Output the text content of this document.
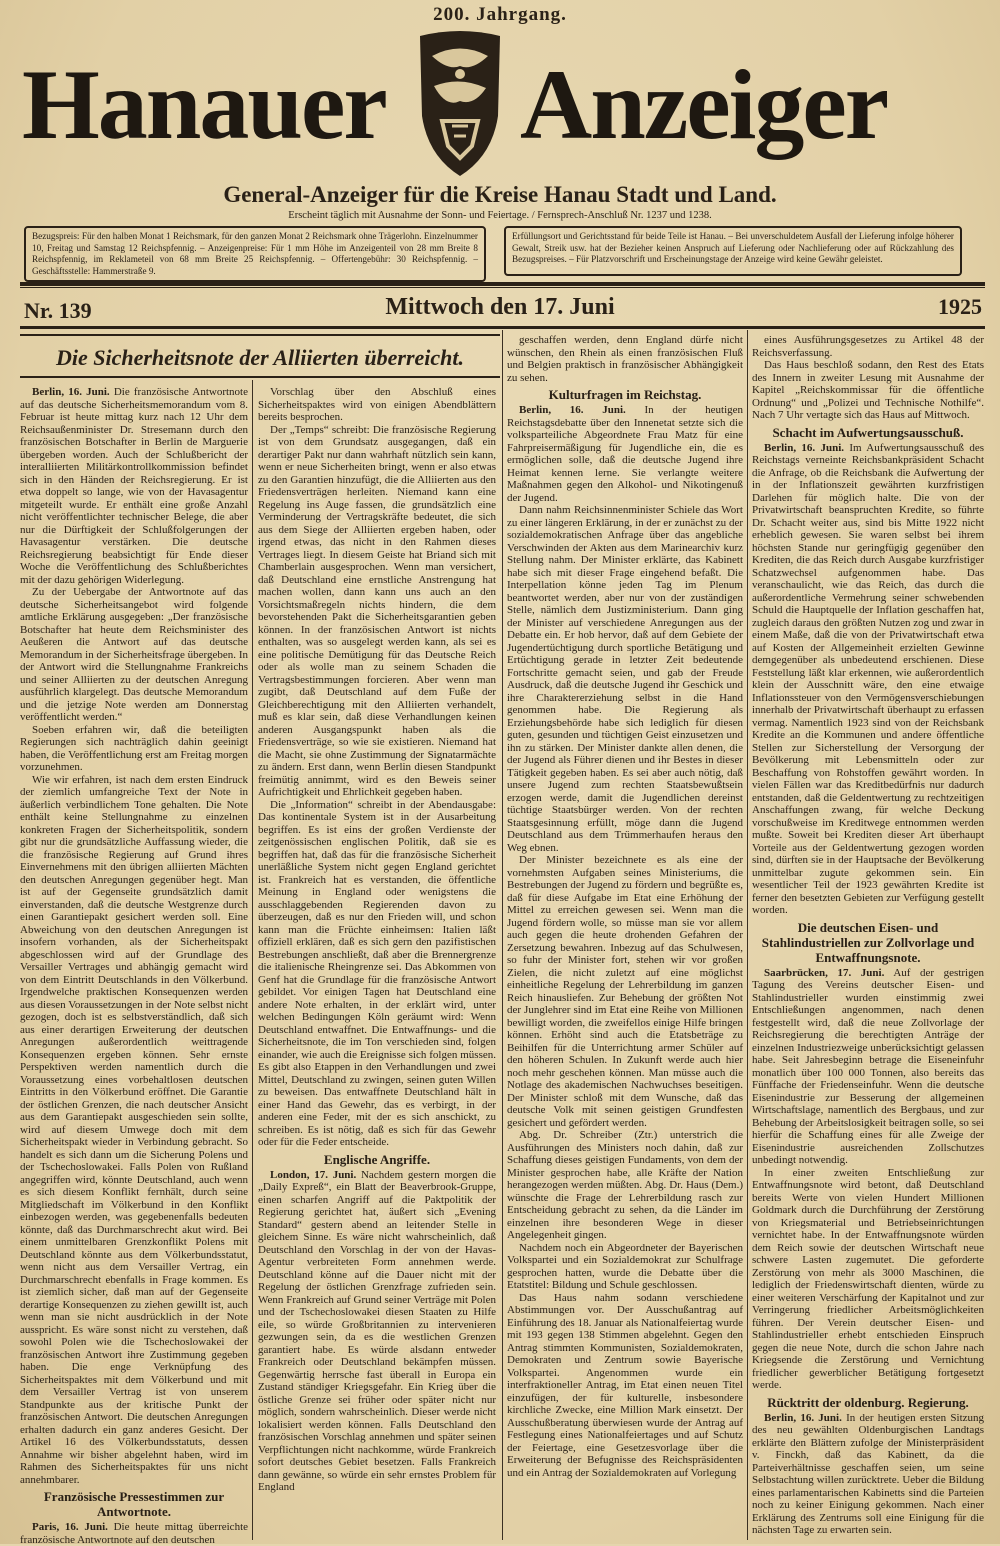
200. Jahrgang.
Hanauer Anzeiger
General-Anzeiger für die Kreise Hanau Stadt und Land.
Erscheint täglich mit Ausnahme der Sonn- und Feiertage. / Fernsprech-Anschluß Nr. 1237 und 1238.
Bezugspreis: Für den halben Monat 1 Reichsmark, für den ganzen Monat 2 Reichsmark ohne Trägerlohn. Einzelnummer 10, Freitag und Samstag 12 Reichspfennig. – Anzeigenpreise: Für 1 mm Höhe im Anzeigenteil von 28 mm Breite 8 Reichspfennig, im Reklameteil von 68 mm Breite 25 Reichspfennig. – Offertengebühr: 30 Reichspfennig. – Geschäftsstelle: Hammerstraße 9.
Erfüllungsort und Gerichtsstand für beide Teile ist Hanau. – Bei unverschuldetem Ausfall der Lieferung infolge höherer Gewalt, Streik usw. hat der Bezieher keinen Anspruch auf Lieferung oder Nachlieferung oder auf Rückzahlung des Bezugspreises. – Für Platzvorschrift und Erscheinungstage der Anzeige wird keine Gewähr geleistet.
Nr. 139	Mittwoch den 17. Juni	1925
Die Sicherheitsnote der Alliierten überreicht.

Berlin, 16. Juni. Die französische Antwortnote auf das deutsche Sicherheitsmemorandum vom 8. Februar ist heute mittag kurz nach 12 Uhr dem Reichsaußenminister Dr. Stresemann durch den französischen Botschafter in Berlin de Marguerie übergeben worden. Auch der Schlußbericht der interalliierten Militärkontrollkommission befindet sich in den Händen der Reichsregierung. Er ist etwa doppelt so lange, wie von der Havasagentur mitgeteilt wurde. Er enthält eine große Anzahl nicht veröffentlichter technischer Belege, die aber nur die Dürftigkeit der Schlußfolgerungen der Havasagentur verstärken. Die deutsche Reichsregierung beabsichtigt für Ende dieser Woche die Veröffentlichung des Schlußberichtes mit der dazu gehörigen Widerlegung.

Zu der Uebergabe der Antwortnote auf das deutsche Sicherheitsangebot wird folgende amtliche Erklärung ausgegeben: „Der französische Botschafter hat heute dem Reichsminister des Aeußeren die Antwort auf das deutsche Memorandum in der Sicherheitsfrage übergeben. In der Antwort wird die Stellungnahme Frankreichs und seiner Alliierten zu der deutschen Anregung ausführlich klargelegt. Das deutsche Memorandum und die jetzige Note werden am Donnerstag veröffentlicht werden.“

Soeben erfahren wir, daß die beteiligten Regierungen sich nachträglich dahin geeinigt haben, die Veröffentlichung erst am Freitag morgen vorzunehmen.

Wie wir erfahren, ist nach dem ersten Eindruck der ziemlich umfangreiche Text der Note in äußerlich verbindlichem Tone gehalten. Die Note enthält keine Stellungnahme zu einzelnen konkreten Fragen der Sicherheitspolitik, sondern gibt nur die grundsätzliche Auffassung wieder, die die französische Regierung auf Grund ihres Einvernehmens mit den übrigen alliierten Mächten den deutschen Anregungen gegenüber hegt. Man ist auf der Gegenseite grundsätzlich damit einverstanden, daß die deutsche Westgrenze durch einen Garantiepakt gesichert werden soll. Eine Abweichung von den deutschen Anregungen ist insofern vorhanden, als der Sicherheitspakt abgeschlossen wird auf der Grundlage des Versailler Vertrages und abhängig gemacht wird von dem Eintritt Deutschlands in den Völkerbund. Irgendwelche praktischen Konsequenzen werden aus diesen Voraussetzungen in der Note selbst nicht gezogen, doch ist es selbstverständlich, daß sich aus einer derartigen Erweiterung der deutschen Anregungen außerordentlich weittragende Konsequenzen ergeben können. Sehr ernste Perspektiven werden namentlich durch die Voraussetzung eines vorbehaltlosen deutschen Eintritts in den Völkerbund eröffnet. Die Garantie der östlichen Grenzen, die nach deutscher Ansicht aus dem Garantiepakt ausgeschieden sein sollte, wird auf diesem Umwege doch mit dem Sicherheitspakt wieder in Verbindung gebracht. So handelt es sich dann um die Sicherung Polens und der Tschechoslowakei. Falls Polen von Rußland angegriffen wird, könnte Deutschland, auch wenn es sich diesem Konflikt fernhält, durch seine Mitgliedschaft im Völkerbund in den Konflikt einbezogen werden, was gegebenenfalls bedeuten könnte, daß das Durchmarschrecht akut wird. Bei einem unmittelbaren Grenzkonflikt Polens mit Deutschland könnte aus dem Völkerbundsstatut, wenn nicht aus dem Versailler Vertrag, ein Durchmarschrecht ebenfalls in Frage kommen. Es ist ziemlich sicher, daß man auf der Gegenseite derartige Konsequenzen zu ziehen gewillt ist, auch wenn man sie nicht ausdrücklich in der Note ausspricht. Es wäre sonst nicht zu verstehen, daß sowohl Polen wie die Tschechoslowakei der französischen Antwort ihre Zustimmung gegeben haben. Die enge Verknüpfung des Sicherheitspaktes mit dem Völkerbund und mit dem Versailler Vertrag ist von unserem Standpunkte aus der kritische Punkt der französischen Antwort. Die deutschen Anregungen erhalten dadurch ein ganz anderes Gesicht. Der Artikel 16 des Völkerbundsstatuts, dessen Annahme wir bisher abgelehnt haben, wird im Rahmen des Sicherheitspaktes für uns nicht annehmbarer.

Französische Pressestimmen zur Antwortnote.

Paris, 16. Juni. Die heute mittag überreichte französische Antwortnote auf den deutschen

Vorschlag über den Abschluß eines Sicherheitspaktes wird von einigen Abendblättern bereits besprochen.

Der „Temps“ schreibt: Die französische Regierung ist von dem Grundsatz ausgegangen, daß ein derartiger Pakt nur dann wahrhaft nützlich sein kann, wenn er neue Sicherheiten bringt, wenn er also etwas zu den Garantien hinzufügt, die die Alliierten aus den Friedensverträgen herleiten. Niemand kann eine Regelung ins Auge fassen, die grundsätzlich eine Verminderung der Vertragskräfte bedeutet, die sich aus dem Siege der Alliierten ergeben haben, oder irgend etwas, das nicht in den Rahmen dieses Vertrages liegt. In diesem Geiste hat Briand sich mit Chamberlain ausgesprochen. Wenn man versichert, daß Deutschland eine ernstliche Anstrengung hat machen wollen, dann kann uns auch an den Vorsichtsmaßregeln nichts hindern, die dem bevorstehenden Pakt die Sicherheitsgarantien geben können. In der französischen Antwort ist nichts enthalten, was so ausgelegt werden kann, als sei es eine politische Demütigung für das Deutsche Reich oder als wolle man zu seinem Schaden die Vertragsbestimmungen forcieren. Aber wenn man zugibt, daß Deutschland auf dem Fuße der Gleichberechtigung mit den Alliierten verhandelt, muß es klar sein, daß diese Verhandlungen keinen anderen Ausgangspunkt haben als die Friedensverträge, so wie sie existieren. Niemand hat die Macht, sie ohne Zustimmung der Signatarmächte zu ändern. Erst dann, wenn Berlin diesen Standpunkt freimütig annimmt, wird es den Beweis seiner Aufrichtigkeit und Ehrlichkeit gegeben haben.

Die „Information“ schreibt in der Abendausgabe: Das kontinentale System ist in der Ausarbeitung begriffen. Es ist eins der großen Verdienste der zeitgenössischen englischen Politik, daß sie es begriffen hat, daß das für die französische Sicherheit unerläßliche System nicht gegen England gerichtet ist. Frankreich hat es verstanden, die öffentliche Meinung in England oder wenigstens die ausschlaggebenden Regierenden davon zu überzeugen, daß es nur den Frieden will, und schon kann man die Früchte einheimsen: Italien läßt offiziell erklären, daß es sich gern den pazifistischen Bestrebungen anschließt, daß aber die Brennergrenze die italienische Rheingrenze sei. Das Abkommen von Genf hat die Grundlage für die französische Antwort gebildet. Vor einigen Tagen hat Deutschland eine andere Note erhalten, in der erklärt wird, unter welchen Bedingungen Köln geräumt wird: Wenn Deutschland entwaffnet. Die Entwaffnungs- und die Sicherheitsnote, die im Ton verschieden sind, folgen einander, wie auch die Ereignisse sich folgen müssen. Es gibt also Etappen in den Verhandlungen und zwei Mittel, Deutschland zu zwingen, seinen guten Willen zu beweisen. Das entwaffnete Deutschland hält in einer Hand das Gewehr, das es verbirgt, in der anderen eine Feder, mit der es sich anschickt, zu schreiben. Es ist nötig, daß es sich für das Gewehr oder für die Feder entscheide.

Englische Angriffe.

London, 17. Juni. Nachdem gestern morgen die „Daily Expreß“, ein Blatt der Beaverbrook-Gruppe, einen scharfen Angriff auf die Paktpolitik der Regierung gerichtet hat, äußert sich „Evening Standard“ gestern abend an leitender Stelle in gleichem Sinne. Es wäre nicht wahrscheinlich, daß Deutschland den Vorschlag in der von der Havas-Agentur verbreiteten Form annehmen werde. Deutschland könne auf die Dauer nicht mit der Regelung der östlichen Grenzfrage zufrieden sein. Wenn Frankreich auf Grund seiner Verträge mit Polen und der Tschechoslowakei diesen Staaten zu Hilfe eile, so würde Großbritannien zu intervenieren gezwungen sein, da es die westlichen Grenzen garantiert habe. Es würde alsdann entweder Frankreich oder Deutschland bekämpfen müssen. Gegenwärtig herrsche fast überall in Europa ein Zustand ständiger Kriegsgefahr. Ein Krieg über die östliche Grenze sei früher oder später nicht nur möglich, sondern wahrscheinlich. Dieser werde nicht lokalisiert werden können. Falls Deutschland den französischen Vorschlag annehmen und später seinen Verpflichtungen nicht nachkomme, würde Frankreich sofort deutsches Gebiet besetzen. Falls Frankreich dann gewänne, so würde ein sehr ernstes Problem für England

geschaffen werden, denn England dürfe nicht wünschen, den Rhein als einen französischen Fluß und Belgien praktisch in französischer Abhängigkeit zu sehen.

Kulturfragen im Reichstag.

Berlin, 16. Juni. In der heutigen Reichstagsdebatte über den Innenetat setzte sich die volksparteiliche Abgeordnete Frau Matz für eine Fahrpreisermäßigung für Jugendliche ein, die es ermöglichen solle, daß die deutsche Jugend ihre Heimat kennen lerne. Sie verlangte weitere Maßnahmen gegen den Alkohol- und Nikotingenuß der Jugend.

Dann nahm Reichsinnenminister Schiele das Wort zu einer längeren Erklärung, in der er zunächst zu der sozialdemokratischen Anfrage über das angebliche Verschwinden der Akten aus dem Marinearchiv kurz Stellung nahm. Der Minister erklärte, das Kabinett habe sich mit dieser Frage eingehend befaßt. Die Interpellation könne jeden Tag im Plenum beantwortet werden, aber nur von der zuständigen Stelle, nämlich dem Justizministerium. Dann ging der Minister auf verschiedene Anregungen aus der Debatte ein. Er hob hervor, daß auf dem Gebiete der Jugendertüchtigung durch sportliche Betätigung und Ertüchtigung gerade in letzter Zeit bedeutende Fortschritte gemacht seien, und gab der Freude Ausdruck, daß die deutsche Jugend ihr Geschick und ihre Charaktererziehung selbst in die Hand genommen habe. Die Regierung als Erziehungsbehörde habe sich lediglich für diesen guten, gesunden und tüchtigen Geist einzusetzen und ihn zu stärken. Der Minister dankte allen denen, die der Jugend als Führer dienen und ihr Bestes in dieser Tätigkeit gegeben haben. Es sei aber auch nötig, daß unsere Jugend zum rechten Staatsbewußtsein erzogen werde, damit die Jugendlichen dereinst tüchtige Staatsbürger werden. Von der rechten Staatsgesinnung erfüllt, möge dann die Jugend Deutschland aus dem Trümmerhaufen heraus den Weg ebnen.

Der Minister bezeichnete es als eine der vornehmsten Aufgaben seines Ministeriums, die Bestrebungen der Jugend zu fördern und begrüßte es, daß für diese Aufgabe im Etat eine Erhöhung der Mittel zu erreichen gewesen sei. Wenn man die Jugend fördern wolle, so müsse man sie vor allem auch gegen die heute drohenden Gefahren der Zersetzung bewahren. Inbezug auf das Schulwesen, so fuhr der Minister fort, stehen wir vor großen Zielen, die nicht zuletzt auf eine möglichst einheitliche Regelung der Lehrerbildung im ganzen Reich hinausliefen. Zur Behebung der größten Not der Junglehrer sind im Etat eine Reihe von Millionen bewilligt worden, die zweifellos einige Hilfe bringen können. Erhöht sind auch die Etatsbeträge zu Beihilfen für die Unterrichtung armer Schüler auf den höheren Schulen. In Zukunft werde auch hier noch mehr geschehen können. Man müsse auch die Notlage des akademischen Nachwuchses beseitigen. Der Minister schloß mit dem Wunsche, daß das deutsche Volk mit seinen geistigen Grundfesten gesichert und gefördert werden.

Abg. Dr. Schreiber (Ztr.) unterstrich die Ausführungen des Ministers noch dahin, daß zur Schaffung dieses geistigen Fundaments, von dem der Minister gesprochen habe, alle Kräfte der Nation herangezogen werden müßten. Abg. Dr. Haus (Dem.) wünschte die Frage der Lehrerbildung rasch zur Entscheidung gebracht zu sehen, da die Länder im einzelnen ihre besonderen Wege in dieser Angelegenheit gingen.

Nachdem noch ein Abgeordneter der Bayerischen Volkspartei und ein Sozialdemokrat zur Schulfrage gesprochen hatten, wurde die Debatte über die Etatstitel: Bildung und Schule geschlossen.

Das Haus nahm sodann verschiedene Abstimmungen vor. Der Ausschußantrag auf Einführung des 18. Januar als Nationalfeiertag wurde mit 193 gegen 138 Stimmen abgelehnt. Gegen den Antrag stimmten Kommunisten, Sozialdemokraten, Demokraten und Zentrum sowie Bayerische Volkspartei. Angenommen wurde ein interfraktioneller Antrag, im Etat einen neuen Titel einzufügen, der für kulturelle, insbesondere kirchliche Zwecke, eine Million Mark einsetzt. Der Ausschußberatung überwiesen wurde der Antrag auf Festlegung eines Nationalfeiertages und auf Schutz der Feiertage, eine Gesetzesvorlage über die Erweiterung der Befugnisse des Reichspräsidenten und ein Antrag der Sozialdemokraten auf Vorlegung

eines Ausführungsgesetzes zu Artikel 48 der Reichsverfassung.

Das Haus beschloß sodann, den Rest des Etats des Innern in zweiter Lesung mit Ausnahme der Kapitel „Reichskommissar für die öffentliche Ordnung“ und „Polizei und Technische Nothilfe“. Nach 7 Uhr vertagte sich das Haus auf Mittwoch.

Schacht im Aufwertungsausschuß.

Berlin, 16. Juni. Im Aufwertungsausschuß des Reichstags verneinte Reichsbankpräsident Schacht die Anfrage, ob die Reichsbank die Aufwertung der in der Inflationszeit gewährten kurzfristigen Darlehen für möglich halte. Die von der Privatwirtschaft beanspruchten Kredite, so führte Dr. Schacht weiter aus, sind bis Mitte 1922 nicht erheblich gewesen. Sie waren selbst bei ihrem höchsten Stande nur geringfügig gegenüber den Krediten, die das Reich durch Ausgabe kurzfristiger Schatzwechsel aufgenommen habe. Das veranschaulicht, wie das Reich, das durch die außerordentliche Vermehrung seiner schwebenden Schuld die Hauptquelle der Inflation geschaffen hat, zugleich daraus den größten Nutzen zog und zwar in einem Maße, daß die von der Privatwirtschaft etwa auf Kosten der Allgemeinheit erzielten Gewinne demgegenüber als unbedeutend erschienen. Diese Feststellung läßt klar erkennen, wie außerordentlich klein der Ausschnitt wäre, den eine etwaige Inflationssteuer von den Vermögensverschiebungen innerhalb der Privatwirtschaft überhaupt zu erfassen vermag. Namentlich 1923 sind von der Reichsbank Kredite an die Kommunen und andere öffentliche Stellen zur Sicherstellung der Versorgung der Bevölkerung mit Lebensmitteln oder zur Beschaffung von Rohstoffen gewährt worden. In vielen Fällen war das Kreditbedürfnis nur dadurch entstanden, daß die Geldentwertung zu rechtzeitigen Anschaffungen zwang, für welche Deckung vorschußweise im Kreditwege entnommen werden mußte. Soweit bei Krediten dieser Art überhaupt Vorteile aus der Geldentwertung gezogen worden sind, dürften sie in der Hauptsache der Bevölkerung unmittelbar zugute gekommen sein. Ein wesentlicher Teil der 1923 gewährten Kredite ist ferner den besetzten Gebieten zur Verfügung gestellt worden.

Die deutschen Eisen- und Stahlindustriellen zur Zollvorlage und Entwaffnungsnote.

Saarbrücken, 17. Juni. Auf der gestrigen Tagung des Vereins deutscher Eisen- und Stahlindustrieller wurden einstimmig zwei Entschließungen angenommen, nach denen festgestellt wird, daß die neue Zollvorlage der Reichsregierung die berechtigten Anträge der einzelnen Industriezweige unberücksichtigt gelassen habe. Seit Jahresbeginn betrage die Eiseneinfuhr monatlich über 100 000 Tonnen, also bereits das Fünffache der Friedenseinfuhr. Wenn die deutsche Eisenindustrie zur Besserung der allgemeinen Wirtschaftslage, namentlich des Bergbaus, und zur Behebung der Arbeitslosigkeit beitragen solle, so sei hierfür die Schaffung eines für alle Zweige der Eisenindustrie ausreichenden Zollschutzes unbedingt notwendig.

In einer zweiten Entschließung zur Entwaffnungsnote wird betont, daß Deutschland bereits Werte von vielen Hundert Millionen Goldmark durch die Durchführung der Zerstörung von Kriegsmaterial und Betriebseinrichtungen vernichtet habe. In der Entwaffnungsnote würden dem Reich sowie der deutschen Wirtschaft neue schwere Lasten zugemutet. Die geforderte Zerstörung von mehr als 3000 Maschinen, die lediglich der Friedenswirtschaft dienten, würde zu einer weiteren Verschärfung der Kapitalnot und zur Verringerung friedlicher Arbeitsmöglichkeiten führen. Der Verein deutscher Eisen- und Stahlindustrieller erhebt entschieden Einspruch gegen die neue Note, durch die schon Jahre nach Kriegsende die Zerstörung und Vernichtung friedlicher gewerblicher Betätigung fortgesetzt werde.

Rücktritt der oldenburg. Regierung.

Berlin, 16. Juni. In der heutigen ersten Sitzung des neu gewählten Oldenburgischen Landtags erklärte den Blättern zufolge der Ministerpräsident v. Finckh, daß das Kabinett, da die Parteiverhältnisse geschaffen seien, um seine Selbstachtung willen zurücktrete. Ueber die Bildung eines parlamentarischen Kabinetts sind die Parteien noch zu keiner Einigung gekommen. Nach einer Erklärung des Zentrums soll eine Einigung für die nächsten Tage zu erwarten sein.
